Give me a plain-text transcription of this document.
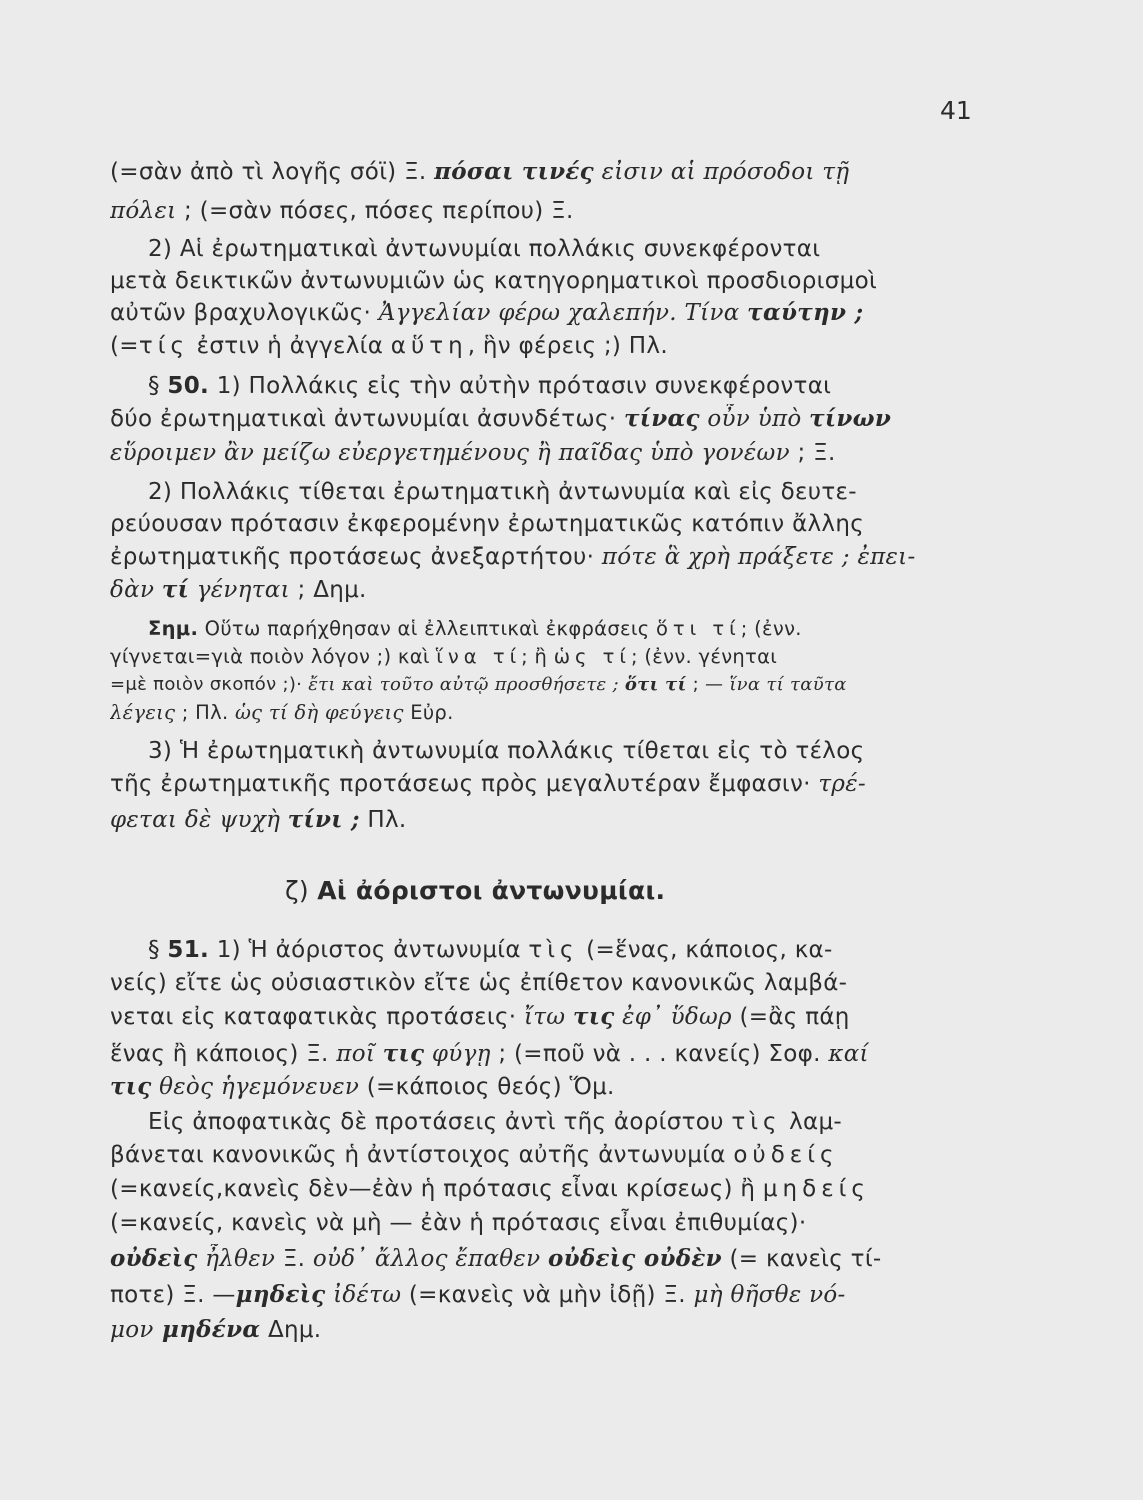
41
(=σὰν ἀπὸ τὶ λογῆς σόϊ) Ξ. πόσαι τινές εἰσιν αἱ πρόσοδοι τῇ
πόλει ; (=σὰν πόσες, πόσες περίπου) Ξ.
2) Αἱ ἐρωτηματικαὶ ἀντωνυμίαι πολλάκις συνεκφέρονται
μετὰ δεικτικῶν ἀντωνυμιῶν ὡς κατηγορηματικοὶ προσδιορισμοὶ
αὐτῶν βραχυλογικῶς· Ἀγγελίαν φέρω χαλεπήν. Τίνα ταύτην ;
(=τίς ἐστιν ἡ ἀγγελία αὕτη, ἣν φέρεις ;) Πλ.
§ 50. 1) Πολλάκις εἰς τὴν αὐτὴν πρότασιν συνεκφέρονται
δύο ἐρωτηματικαὶ ἀντωνυμίαι ἀσυνδέτως· τίνας οὖν ὑπὸ τίνων
εὕροιμεν ἂν μείζω εὐεργετημένους ἢ παῖδας ὑπὸ γονέων ; Ξ.
2) Πολλάκις τίθεται ἐρωτηματικὴ ἀντωνυμία καὶ εἰς δευτε-
ρεύουσαν πρότασιν ἐκφερομένην ἐρωτηματικῶς κατόπιν ἄλλης
ἐρωτηματικῆς προτάσεως ἀνεξαρτήτου· πότε ἃ χρὴ πράξετε ; ἐπει-
δὰν τί γένηται ; Δημ.
Σημ. Οὕτω παρήχθησαν αἱ ἐλλειπτικαὶ ἐκφράσεις ὅτι τί; (ἐνν.
γίγνεται=γιὰ ποιὸν λόγον ;) καὶ ἵνα τί; ἢ ὡς τί; (ἐνν. γένηται
=μὲ ποιὸν σκοπόν ;)· ἔτι καὶ τοῦτο αὐτῷ προσθήσετε ; ὅτι τί ; — ἵνα τί ταῦτα
λέγεις ; Πλ. ὡς τί δὴ φεύγεις Εὐρ.
3) Ἡ ἐρωτηματικὴ ἀντωνυμία πολλάκις τίθεται εἰς τὸ τέλος
τῆς ἐρωτηματικῆς προτάσεως πρὸς μεγαλυτέραν ἔμφασιν· τρέ-
φεται δὲ ψυχὴ τίνι ; Πλ.
ζ) Αἱ ἀόριστοι ἀντωνυμίαι.
§ 51. 1) Ἡ ἀόριστος ἀντωνυμία τὶς (=ἕνας, κάποιος, κα-
νείς) εἴτε ὡς οὐσιαστικὸν εἴτε ὡς ἐπίθετον κανονικῶς λαμβά-
νεται εἰς καταφατικὰς προτάσεις· ἴτω τις ἐφ᾽ ὕδωρ (=ἂς πάῃ
ἕνας ἢ κάποιος) Ξ. ποῖ τις φύγῃ ; (=ποῦ νὰ . . . κανείς) Σοφ. καί
τις θεὸς ἡγεμόνευεν (=κάποιος θεός) Ὅμ.
Εἰς ἀποφατικὰς δὲ προτάσεις ἀντὶ τῆς ἀορίστου τὶς λαμ-
βάνεται κανονικῶς ἡ ἀντίστοιχος αὐτῆς ἀντωνυμία οὐδείς
(=κανείς,κανεὶς δὲν—ἐὰν ἡ πρότασις εἶναι κρίσεως) ἢ μηδείς
(=κανείς, κανεὶς νὰ μὴ — ἐὰν ἡ πρότασις εἶναι ἐπιθυμίας)·
οὐδεὶς ἦλθεν Ξ. οὐδ᾽ ἄλλος ἔπαθεν οὐδεὶς οὐδὲν (= κανεὶς τί-
ποτε) Ξ. —μηδεὶς ἰδέτω (=κανεὶς νὰ μὴν ἰδῇ) Ξ. μὴ θῆσθε νό-
μον μηδένα Δημ.
